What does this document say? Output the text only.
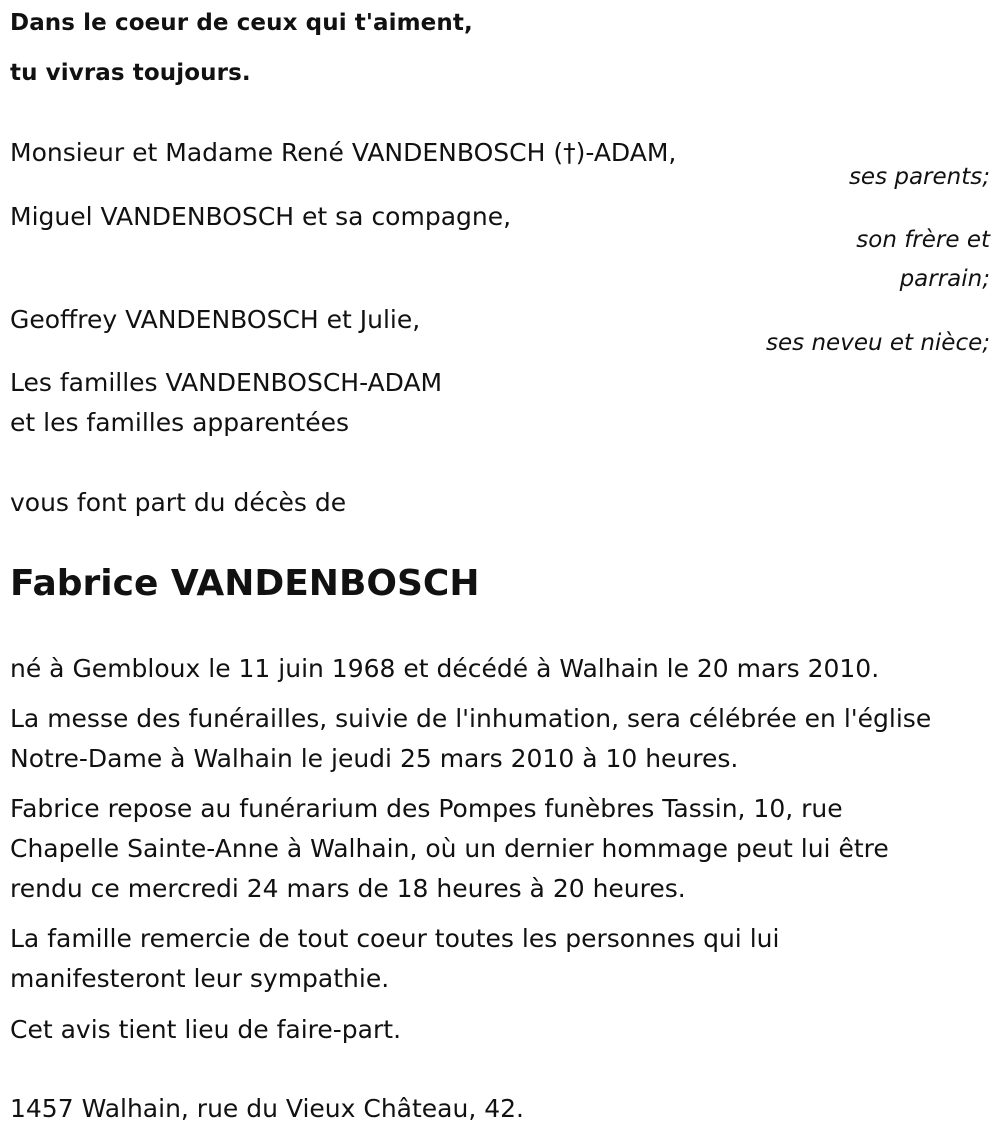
Dans le coeur de ceux qui t'aiment,

tu vivras toujours.

Monsieur et Madame René VANDENBOSCH (†)-ADAM,

ses parents;

Miguel VANDENBOSCH et sa compagne,

son frère et

parrain;

Geoffrey VANDENBOSCH et Julie,

ses neveu et nièce;

Les familles VANDENBOSCH-ADAM

et les familles apparentées

vous font part du décès de

Fabrice VANDENBOSCH

né à Gembloux le 11 juin 1968 et décédé à Walhain le 20 mars 2010.

La messe des funérailles, suivie de l'inhumation, sera célébrée en l'église
Notre-Dame à Walhain le jeudi 25 mars 2010 à 10 heures.
Fabrice repose au funérarium des Pompes funèbres Tassin, 10, rue
Chapelle Sainte-Anne à Walhain, où un dernier hommage peut lui être
rendu ce mercredi 24 mars de 18 heures à 20 heures.
La famille remercie de tout coeur toutes les personnes qui lui
manifesteront leur sympathie.

Cet avis tient lieu de faire-part.

1457 Walhain, rue du Vieux Château, 42.
